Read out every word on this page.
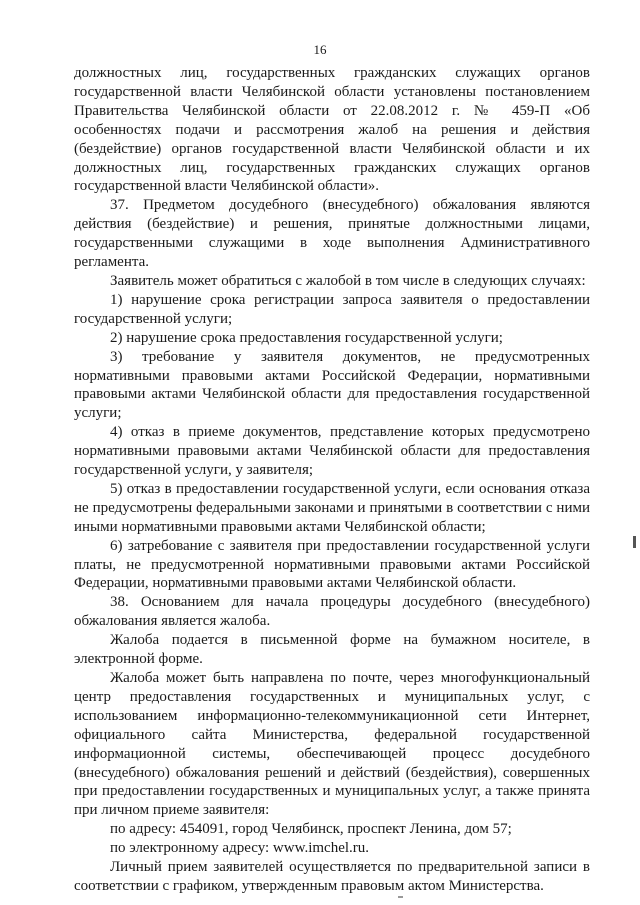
16

должностных лиц, государственных гражданских служащих органов государственной власти Челябинской области установлены постановлением Правительства Челябинской области от 22.08.2012 г. № 459-П «Об особенностях подачи и рассмотрения жалоб на решения и действия (бездействие) органов государственной власти Челябинской области и их должностных лиц, государственных гражданских служащих органов государственной власти Челябинской области».

37. Предметом досудебного (внесудебного) обжалования являются действия (бездействие) и решения, принятые должностными лицами, государственными служащими в ходе выполнения Административного регламента.

Заявитель может обратиться с жалобой в том числе в следующих случаях:

1) нарушение срока регистрации запроса заявителя о предоставлении государственной услуги;

2) нарушение срока предоставления государственной услуги;

3) требование у заявителя документов, не предусмотренных нормативными правовыми актами Российской Федерации, нормативными правовыми актами Челябинской области для предоставления государственной услуги;

4) отказ в приеме документов, представление которых предусмотрено нормативными правовыми актами Челябинской области для предоставления государственной услуги, у заявителя;

5) отказ в предоставлении государственной услуги, если основания отказа не предусмотрены федеральными законами и принятыми в соответствии с ними иными нормативными правовыми актами Челябинской области;

6) затребование с заявителя при предоставлении государственной услуги платы, не предусмотренной нормативными правовыми актами Российской Федерации, нормативными правовыми актами Челябинской области.

38. Основанием для начала процедуры досудебного (внесудебного) обжалования является жалоба.

Жалоба подается в письменной форме на бумажном носителе, в электронной форме.

Жалоба может быть направлена по почте, через многофункциональный центр предоставления государственных и муниципальных услуг, с использованием информационно-телекоммуникационной сети Интернет, официального сайта Министерства, федеральной государственной информационной системы, обеспечивающей процесс досудебного (внесудебного) обжалования решений и действий (бездействия), совершенных при предоставлении государственных и муниципальных услуг, а также принята при личном приеме заявителя:

по адресу: 454091, город Челябинск, проспект Ленина, дом 57;

по электронному адресу: www.imchel.ru.

Личный прием заявителей осуществляется по предварительной записи в соответствии с графиком, утвержденным правовым актом Министерства.
